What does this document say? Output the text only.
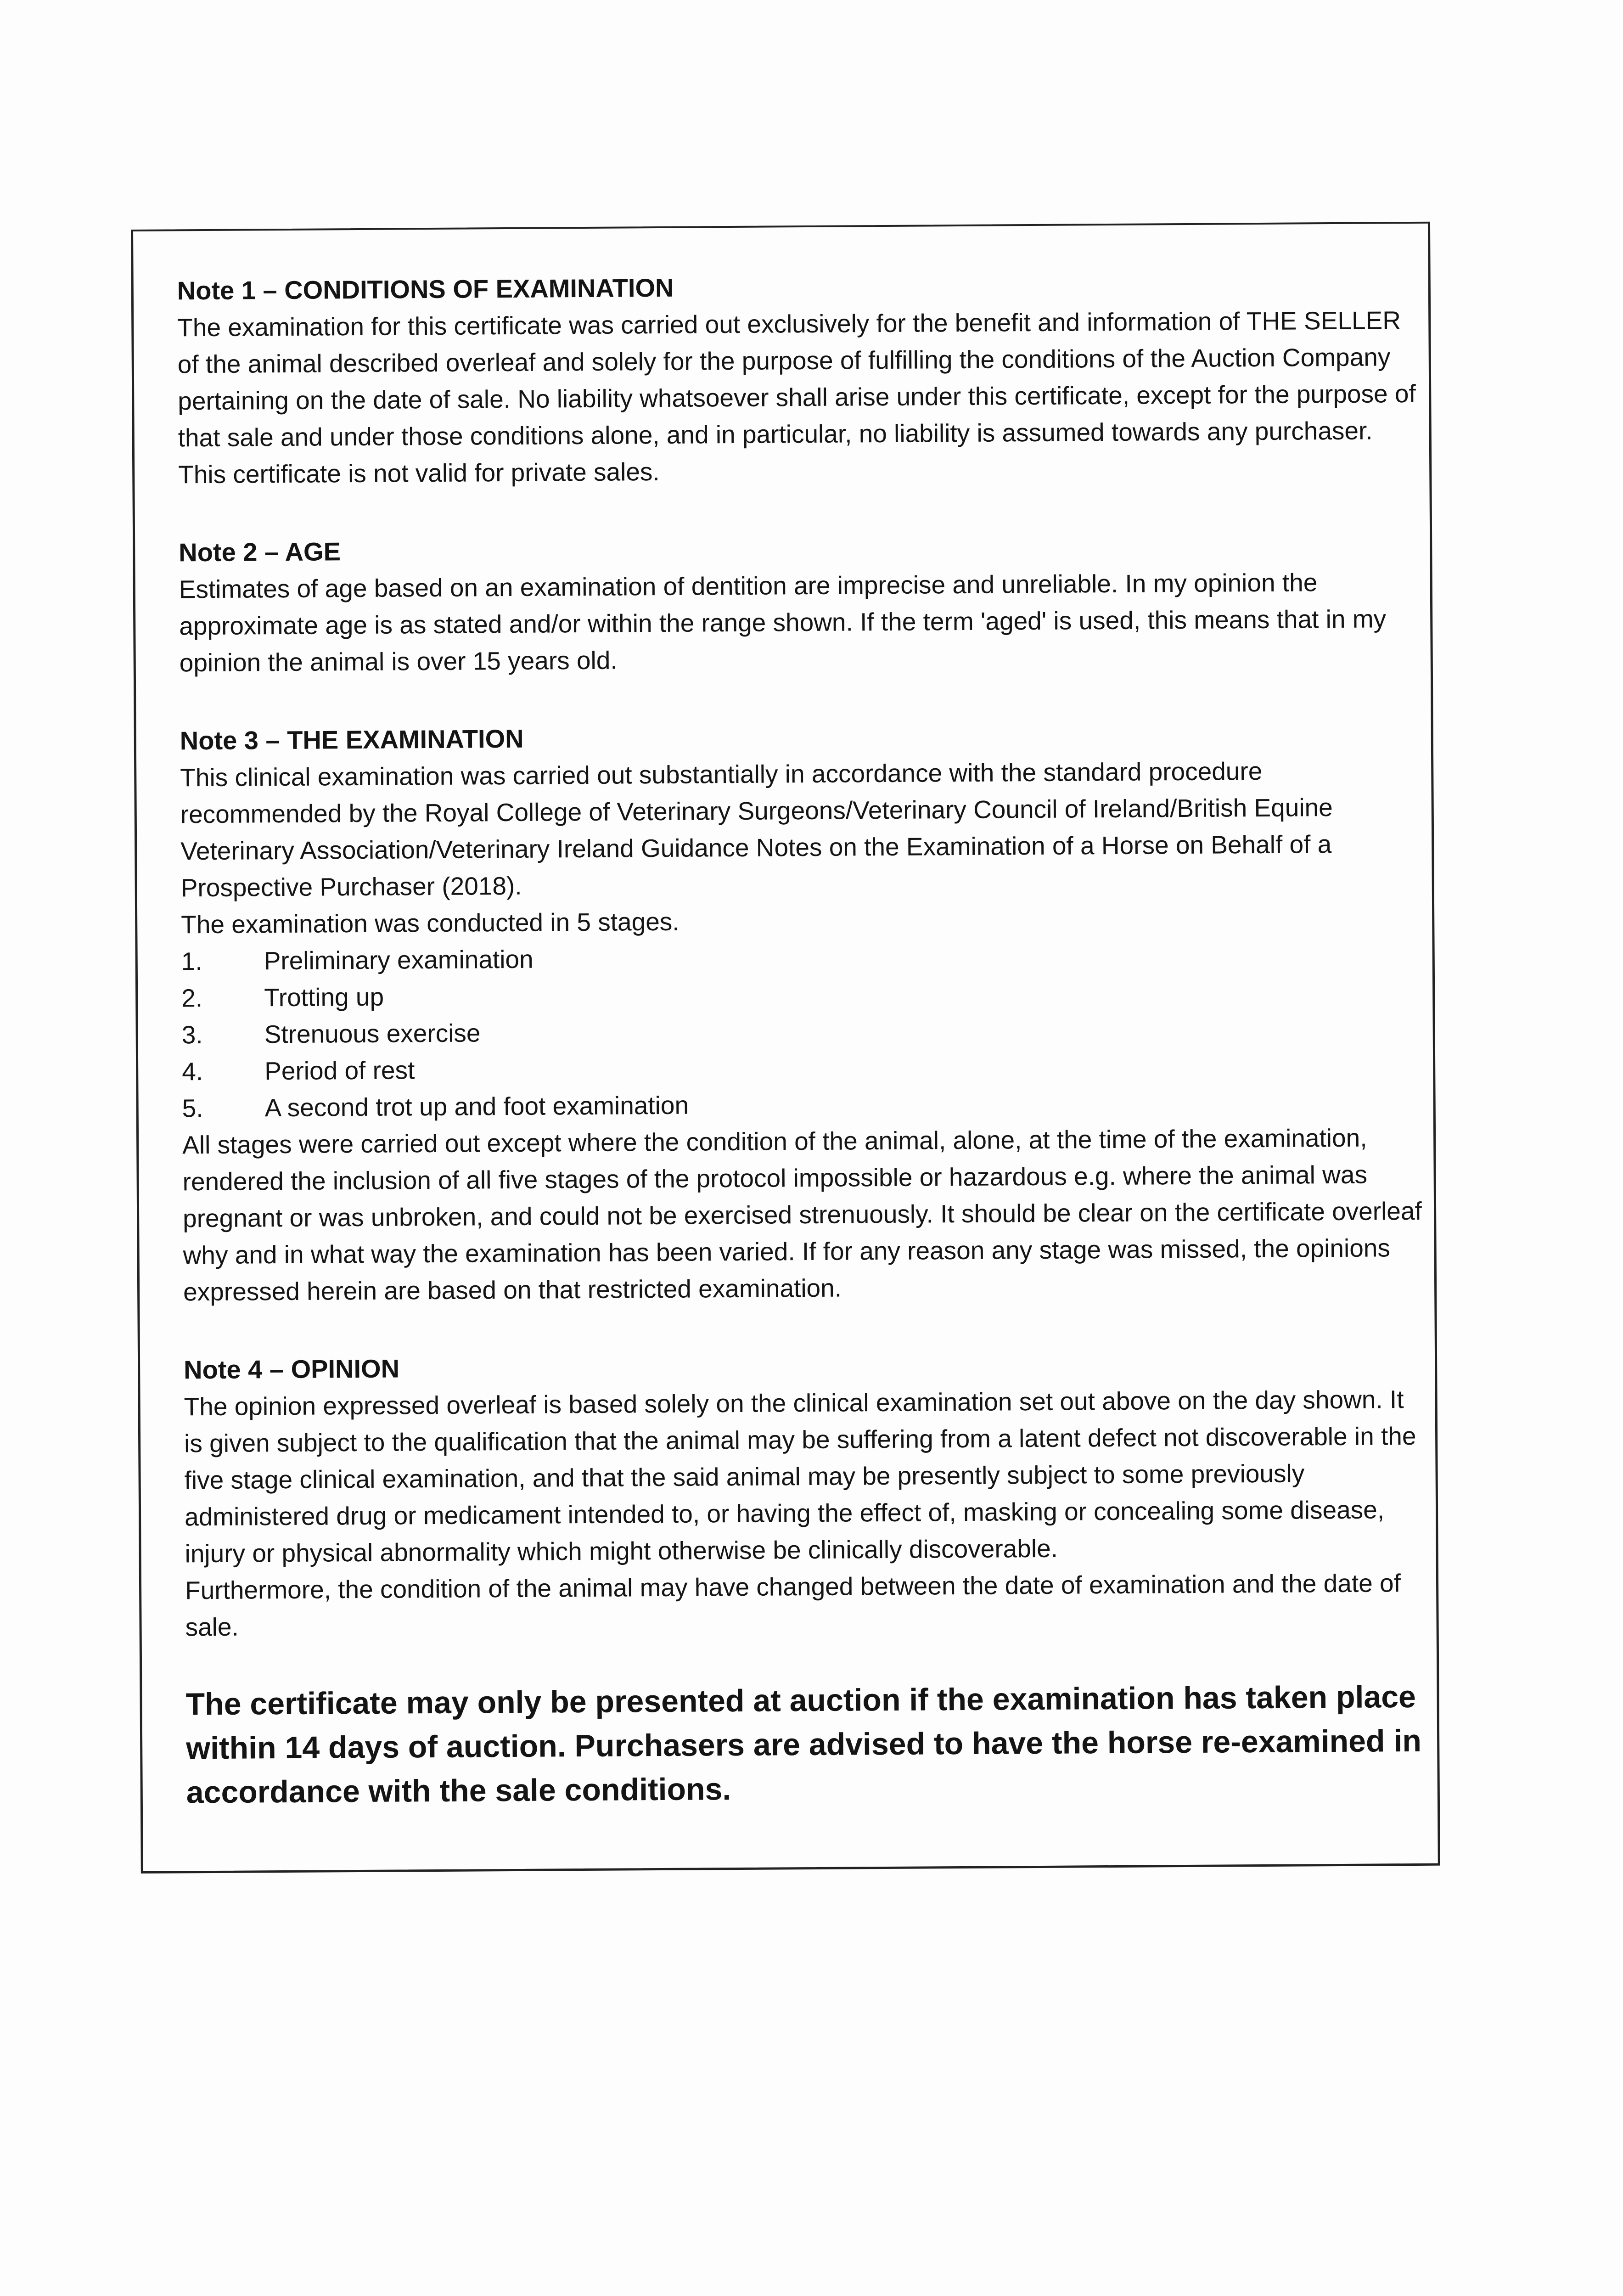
Note 1 – CONDITIONS OF EXAMINATION

The examination for this certificate was carried out exclusively for the benefit and information of THE SELLER of the animal described overleaf and solely for the purpose of fulfilling the conditions of the Auction Company pertaining on the date of sale. No liability whatsoever shall arise under this certificate, except for the purpose of that sale and under those conditions alone, and in particular, no liability is assumed towards any purchaser. This certificate is not valid for private sales.

Note 2 – AGE

Estimates of age based on an examination of dentition are imprecise and unreliable. In my opinion the approximate age is as stated and/or within the range shown. If the term 'aged' is used, this means that in my opinion the animal is over 15 years old.

Note 3 – THE EXAMINATION

This clinical examination was carried out substantially in accordance with the standard procedure recommended by the Royal College of Veterinary Surgeons/Veterinary Council of Ireland/British Equine Veterinary Association/Veterinary Ireland Guidance Notes on the Examination of a Horse on Behalf of a Prospective Purchaser (2018).

The examination was conducted in 5 stages.

1.	Preliminary examination
2.	Trotting up
3.	Strenuous exercise
4.	Period of rest
5.	A second trot up and foot examination

All stages were carried out except where the condition of the animal, alone, at the time of the examination, rendered the inclusion of all five stages of the protocol impossible or hazardous e.g. where the animal was pregnant or was unbroken, and could not be exercised strenuously. It should be clear on the certificate overleaf why and in what way the examination has been varied. If for any reason any stage was missed, the opinions expressed herein are based on that restricted examination.

Note 4 – OPINION

The opinion expressed overleaf is based solely on the clinical examination set out above on the day shown. It is given subject to the qualification that the animal may be suffering from a latent defect not discoverable in the five stage clinical examination, and that the said animal may be presently subject to some previously administered drug or medicament intended to, or having the effect of, masking or concealing some disease, injury or physical abnormality which might otherwise be clinically discoverable.

Furthermore, the condition of the animal may have changed between the date of examination and the date of sale.

The certificate may only be presented at auction if the examination has taken place within 14 days of auction. Purchasers are advised to have the horse re-examined in accordance with the sale conditions.
